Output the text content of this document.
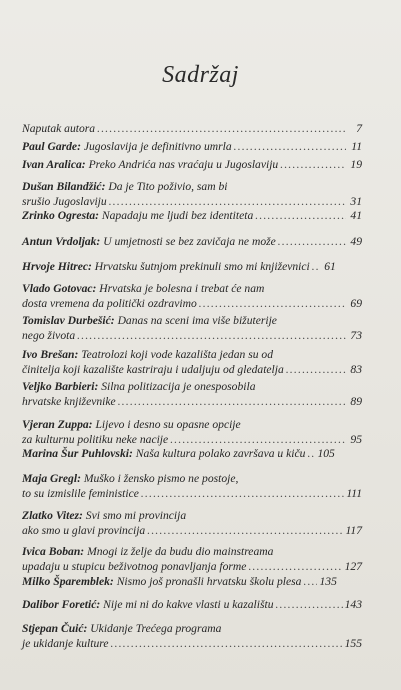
Sadržaj
Naputak autora .....	7
Paul Garde:
Jugoslavija je definitivno umrla .....	11
Ivan Aralica:
Preko Andrića nas vraćaju u Jugoslaviju .....	19
Dušan Bilandžić: Da je Tito poživio, sam bi
srušio Jugoslaviju .....	31
Zrinko Ogresta:
Napadaju me ljudi bez identiteta .....	41
Antun Vrdoljak:
U umjetnosti se bez zavičaja ne može .....	49
Hrvoje Hitrec:
Hrvatsku šutnjom prekinuli smo mi književnici ..... 61
Vlado Gotovac: Hrvatska je bolesna i trebat će nam
dosta vremena da politički ozdravimo .....	69
Tomislav Durbešić: Danas na sceni ima više bižuterije
nego života .....	73
Ivo Brešan: Teatrolozi koji vode kazališta jedan su od
činitelja koji kazalište kastriraju i udaljuju od gledatelja .....	83
Veljko Barbieri: Silna politizacija je onesposobila
hrvatske književnike .....	89
Vjeran Zuppa: Lijevo i desno su opasne opcije
za kulturnu politiku neke nacije .....	95
Marina Šur Puhlovski:
Naša kultura polako završava u kiču ..... 105
Maja Gregl: Muško i žensko pismo ne postoje,
to su izmislile feministice .....	111
Zlatko Vitez: Svi smo mi provincija
ako smo u glavi provincija .....	117
Ivica Boban: Mnogi iz želje da budu dio mainstreama
upadaju u stupicu beživotnog ponavljanja forme .....	127
Milko Šparemblek:
Nismo još pronašli hrvatsku školu plesa ..... 135
Dalibor Foretić:
Nije mi ni do kakve vlasti u kazalištu .....	143
Stjepan Čuić: Ukidanje Trećega programa
je ukidanje kulture .....	155
